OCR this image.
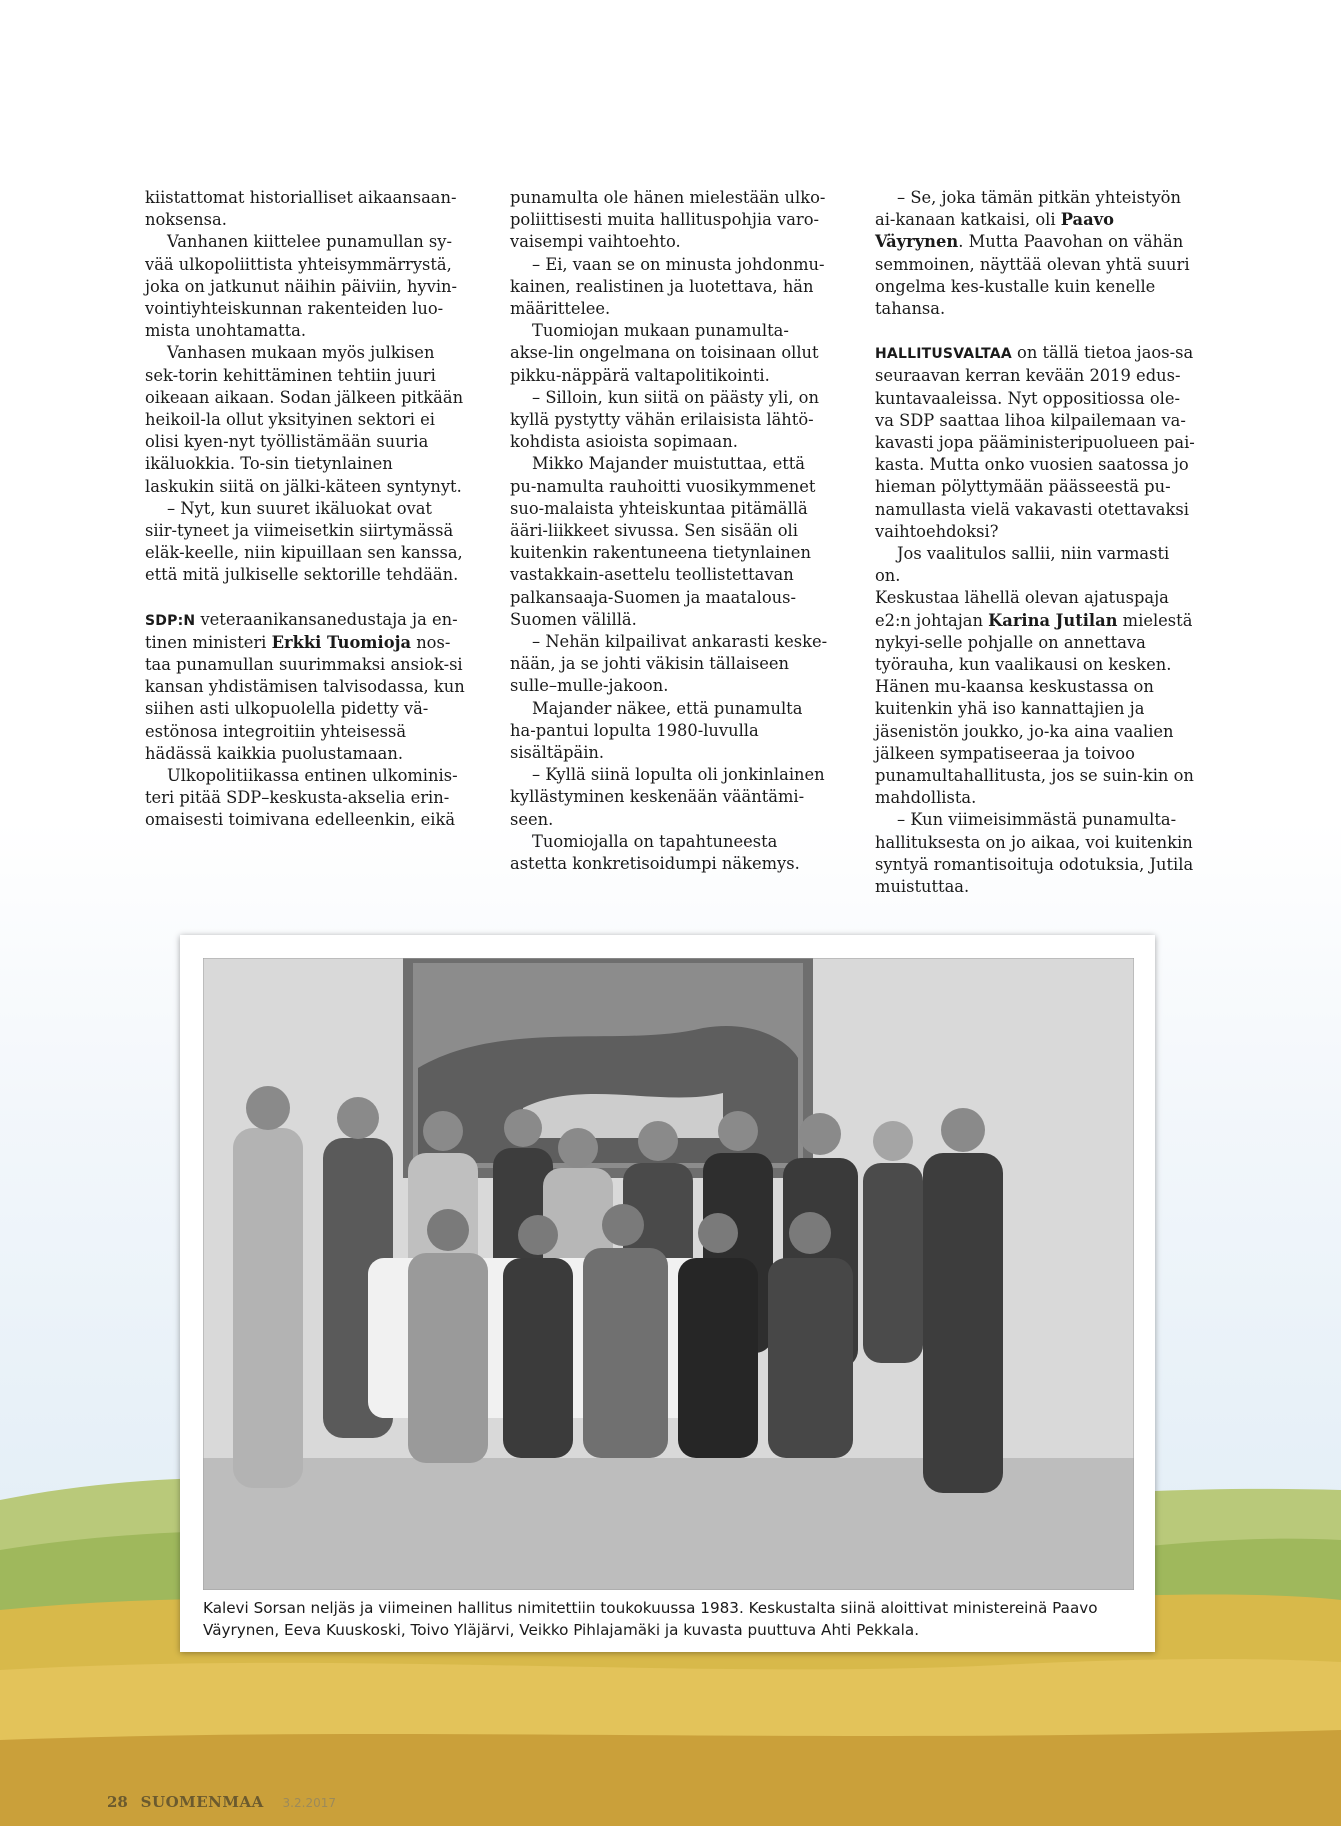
kiistattomat historialliset aikaansaan-noksensa.

Vanhanen kiittelee punamullan sy-vää ulkopoliittista yhteisymmärrystä, joka on jatkunut näihin päiviin, hyvin-vointiyhteiskunnan rakenteiden luo-mista unohtamatta.

Vanhasen mukaan myös julkisen sek-torin kehittäminen tehtiin juuri oikeaan aikaan. Sodan jälkeen pitkään heikoil-la ollut yksityinen sektori ei olisi kyen-nyt työllistämään suuria ikäluokkia. To-sin tietynlainen laskukin siitä on jälki-käteen syntynyt.

– Nyt, kun suuret ikäluokat ovat siir-tyneet ja viimeisetkin siirtymässä eläk-keelle, niin kipuillaan sen kanssa, että mitä julkiselle sektorille tehdään.

SDP:N veteraanikansanedustaja ja en-tinen ministeri Erkki Tuomioja nos-taa punamullan suurimmaksi ansiok-si kansan yhdistämisen talvisodassa, kun siihen asti ulkopuolella pidetty vä-estönosa integroitiin yhteisessä hädässä kaikkia puolustamaan.

Ulkopolitiikassa entinen ulkominis-teri pitää SDP–keskusta-akselia erin-omaisesti toimivana edelleenkin, eikä

punamulta ole hänen mielestään ulko-poliittisesti muita hallituspohjia varo-vaisempi vaihtoehto.

– Ei, vaan se on minusta johdonmu-kainen, realistinen ja luotettava, hän määrittelee.

Tuomiojan mukaan punamulta-akse-lin ongelmana on toisinaan ollut pikku-näppärä valtapolitikointi.

– Silloin, kun siitä on päästy yli, on kyllä pystytty vähän erilaisista lähtö-kohdista asioista sopimaan.

Mikko Majander muistuttaa, että pu-namulta rauhoitti vuosikymmenet suo-malaista yhteiskuntaa pitämällä ääri-liikkeet sivussa. Sen sisään oli kuitenkin rakentuneena tietynlainen vastakkain-asettelu teollistettavan palkansaaja-Suomen ja maatalous-Suomen välillä.

– Nehän kilpailivat ankarasti keske-nään, ja se johti väkisin tällaiseen sulle–mulle-jakoon.

Majander näkee, että punamulta ha-pantui lopulta 1980-luvulla sisältäpäin.

– Kyllä siinä lopulta oli jonkinlainen kyllästyminen keskenään vääntämi-seen.

Tuomiojalla on tapahtuneesta astetta konkretisoidumpi näkemys.

– Se, joka tämän pitkän yhteistyön ai-kanaan katkaisi, oli Paavo Väyrynen. Mutta Paavohan on vähän semmoinen, näyttää olevan yhtä suuri ongelma kes-kustalle kuin kenelle tahansa.

HALLITUSVALTAA on tällä tietoa jaos-sa seuraavan kerran kevään 2019 edus-kuntavaaleissa. Nyt oppositiossa ole-va SDP saattaa lihoa kilpailemaan va-kavasti jopa pääministeripuolueen pai-kasta. Mutta onko vuosien saatossa jo hieman pölyttymään päässeestä pu-namullasta vielä vakavasti otettavaksi vaihtoehdoksi?

Jos vaalitulos sallii, niin varmasti on.

Keskustaa lähellä olevan ajatuspaja e2:n johtajan Karina Jutilan mielestä nykyi-selle pohjalle on annettava työrauha, kun vaalikausi on kesken. Hänen mu-kaansa keskustassa on kuitenkin yhä iso kannattajien ja jäsenistön joukko, jo-ka aina vaalien jälkeen sympatiseeraa ja toivoo punamultahallitusta, jos se suin-kin on mahdollista.

– Kun viimeisimmästä punamulta-hallituksesta on jo aikaa, voi kuitenkin syntyä romantisoituja odotuksia, Jutila muistuttaa.

Kalevi Sorsan neljäs ja viimeinen hallitus nimitettiin toukokuussa 1983. Keskustalta siinä aloittivat ministereinä Paavo Väyrynen, Eeva Kuuskoski, Toivo Yläjärvi, Veikko Pihlajamäki ja kuvasta puuttuva Ahti Pekkala.
28 SUOMENMAA 3.2.2017
